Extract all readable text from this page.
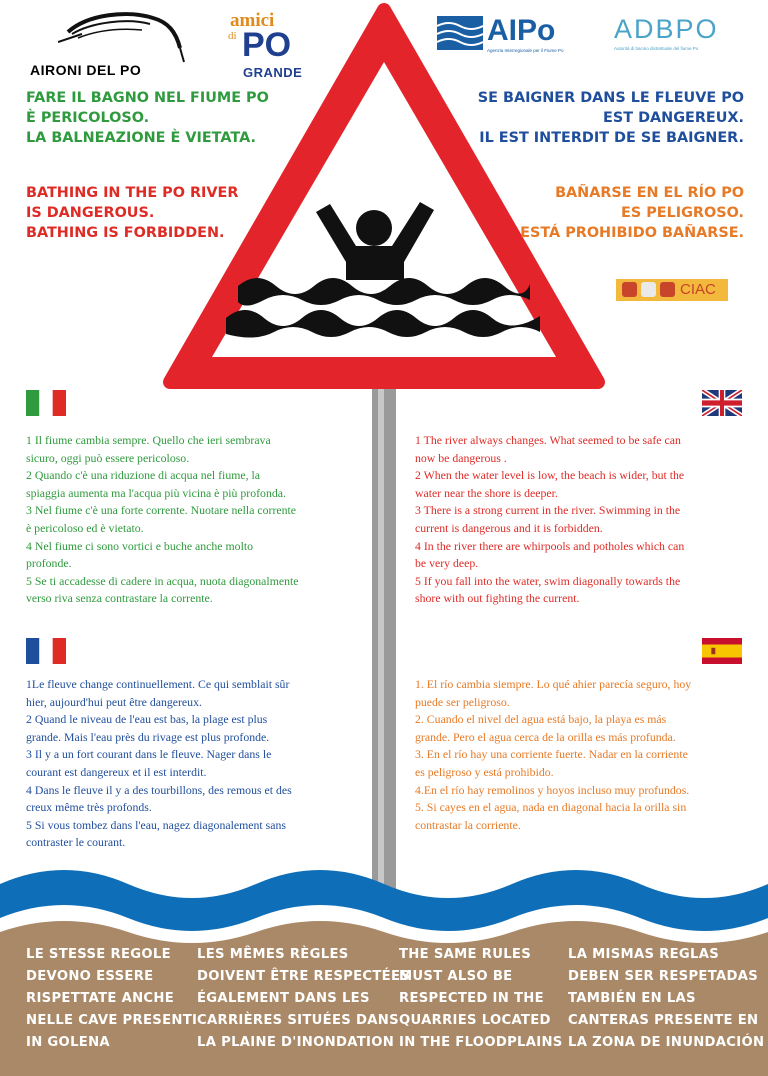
AIRONI DEL PO
amici
di PO
GRANDE
AIPo
Agenzia Interregionale per il Fiume Po
ADBPO
Autorità di bacino distrettuale del fiume Po
FARE IL BAGNO NEL FIUME PO
È PERICOLOSO.
LA BALNEAZIONE È VIETATA.
BATHING IN THE PO RIVER
IS DANGEROUS.
BATHING IS FORBIDDEN.
SE BAIGNER DANS LE FLEUVE PO
EST DANGEREUX.
IL EST INTERDIT DE SE BAIGNER.
BAÑARSE EN EL RÍO PO
ES PELIGROSO.
ESTÁ PROHIBIDO BAÑARSE.
CIAC
1 Il fiume cambia sempre. Quello che ieri sembrava
sicuro, oggi può essere pericoloso.
2 Quando c'è una riduzione di acqua nel fiume, la
spiaggia aumenta ma l'acqua più vicina è più profonda.
3 Nel fiume c'è una forte corrente. Nuotare nella corrente
è pericoloso ed è vietato.
4 Nel fiume ci sono vortici e buche anche molto
profonde.
5 Se ti accadesse di cadere in acqua, nuota diagonalmente
verso riva senza contrastare la corrente.
1 The river always changes. What seemed to be safe can
now be dangerous .
2 When the water level is low, the beach is wider, but the
water near the shore is deeper.
3 There is a strong current in the river. Swimming in the
current is dangerous and it is forbidden.
4 In the river there are whirpools and potholes which can
be very deep.
5 If you fall into the water, swim diagonally towards the
shore with out fighting the current.
1Le fleuve change continuellement. Ce qui semblait sûr
hier, aujourd'hui peut être dangereux.
2 Quand le niveau de l'eau est bas, la plage est plus
grande. Mais l'eau près du rivage est plus profonde.
3 Il y a un fort courant dans le fleuve. Nager dans le
courant est dangereux et il est interdit.
4 Dans le fleuve il y a des tourbillons, des remous et des
creux même très profonds.
5 Si vous tombez dans l'eau, nagez diagonalement sans
contraster le courant.
1. El río cambia siempre. Lo qué ahier parecía seguro, hoy
puede ser peligroso.
2. Cuando el nivel del agua está bajo, la playa es más
grande. Pero el agua cerca de la orilla es más profunda.
3. En el río hay una corriente fuerte. Nadar en la corriente
es peligroso y está prohibido.
4.En el río hay remolinos y hoyos incluso muy profundos.
5. Si cayes en el agua, nada en diagonal hacia la orilla sin
contrastar la corriente.
LE STESSE REGOLE
DEVONO ESSERE
RISPETTATE ANCHE
NELLE CAVE PRESENTI
IN GOLENA
LES MÊMES RÈGLES
DOIVENT ÊTRE RESPECTÉES
ÉGALEMENT DANS LES
CARRIÈRES SITUÉES DANS
LA PLAINE D'INONDATION
THE SAME RULES
MUST ALSO BE
RESPECTED IN THE
QUARRIES LOCATED
IN THE FLOODPLAINS
LA MISMAS REGLAS
DEBEN SER RESPETADAS
TAMBIÉN EN LAS
CANTERAS PRESENTE EN
LA ZONA DE INUNDACIÓN
